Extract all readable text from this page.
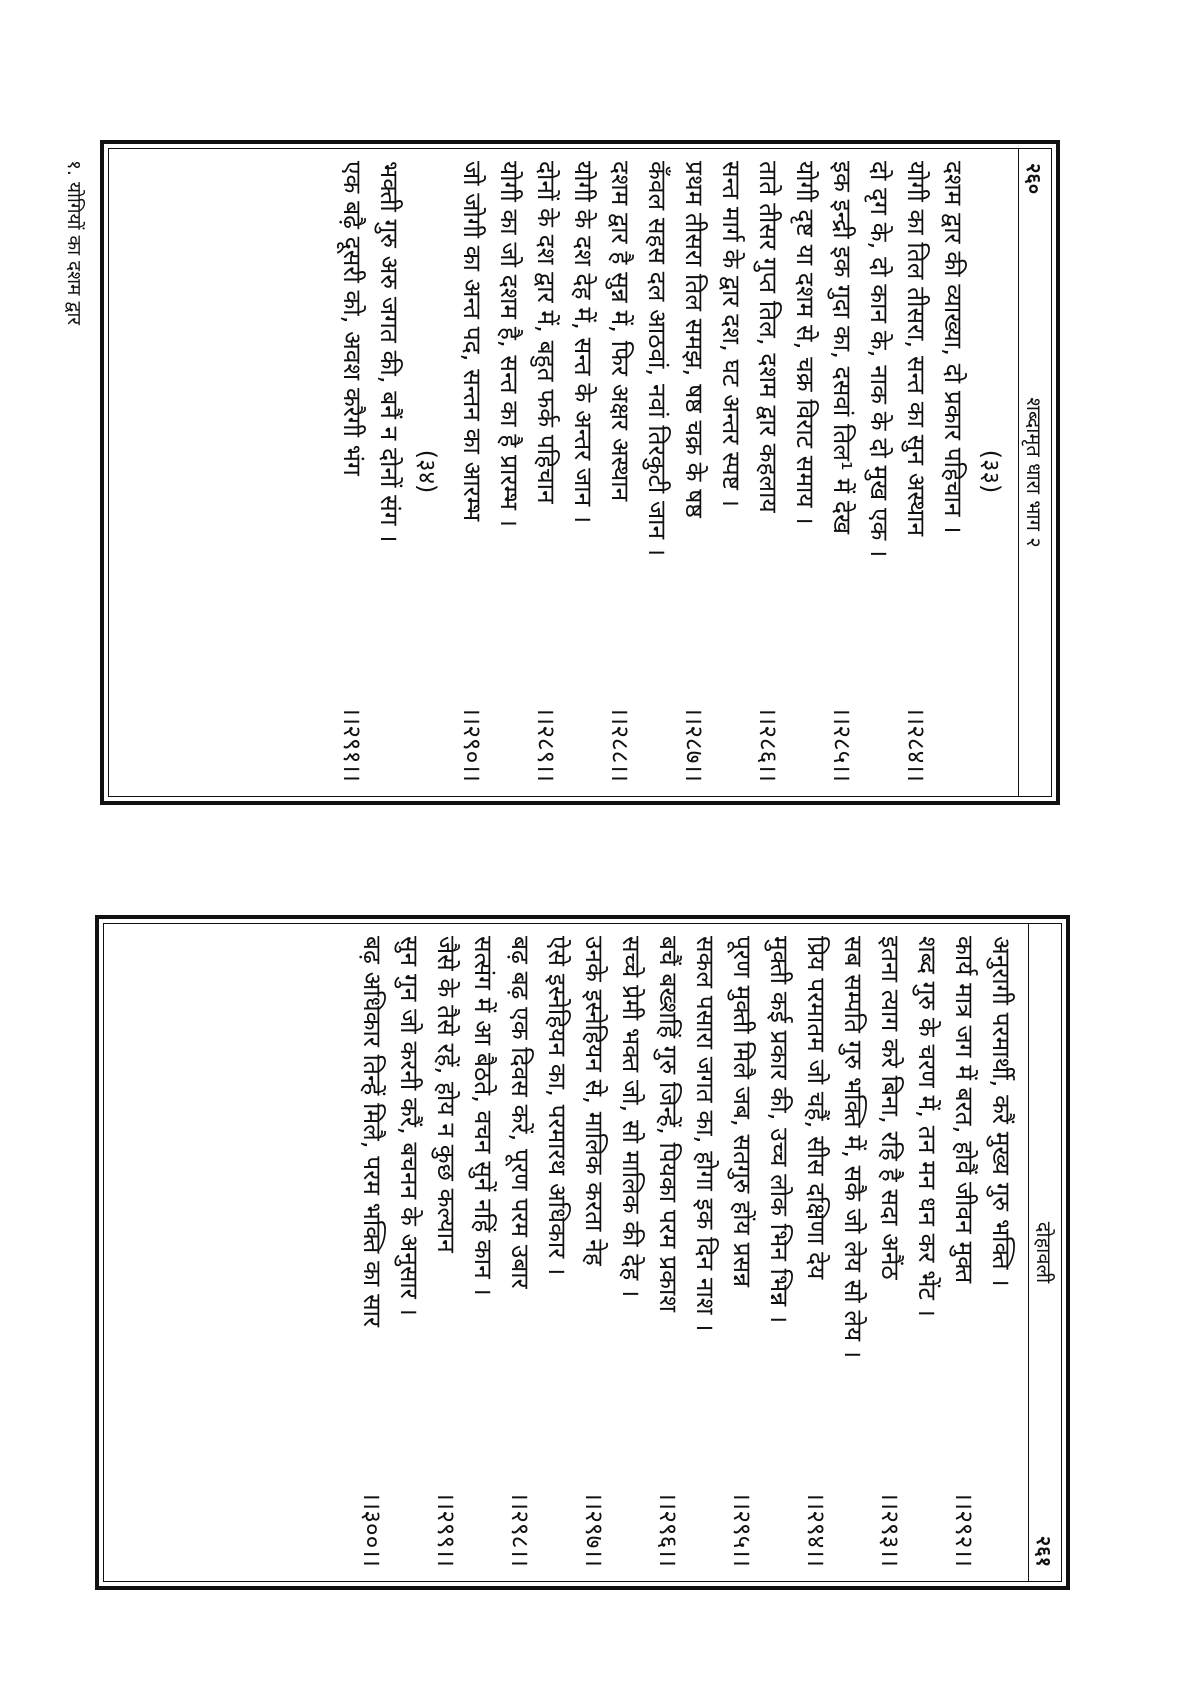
२६०
शब्दामृत धारा भाग २
(३३)
दशम द्वार की व्याख्या, दो प्रकार पहिचान ।
योगी का तिल तीसरा, सन्त का सुन अस्थान
।।२८४।।
दो दृग के, दो कान के, नाक के दो मुख एक ।
इक इन्द्री इक गुदा का, दसवां तिल¹ में देख
।।२८५।।
योगी दृष्ट या दशम से, चक्र विराट समाय ।
ताते तीसर गुप्त तिल, दशम द्वार कहलाय
।।२८६।।
सन्त मार्ग के द्वार दश, घट अन्तर स्पष्ट ।
प्रथम तीसरा तिल समझ, षष्ठ चक्र के षष्ठ
।।२८७।।
कँवल सहस दल आठवां, नवां तिरकुटी जान ।
दशम द्वार है सुन्न में, फिर अक्षर अस्थान
।।२८८।।
योगी के दश देह में, सन्त के अन्तर जान ।
दोनों के दश द्वार में, बहुत फर्क पहिचान
।।२८९।।
योगी का जो दशम है, सन्त का है प्रारम्भ ।
जो जोगी का अन्त पद, सन्तन का आरम्भ
।।२९०।।
(३४)
भक्ती गुरु अरु जगत की, बनैं न दोनों संग ।
एक बढ़ै दूसरी को, अवश करैगी भंग
।।२९१।।
१. योगियों का दशम द्वार
दोहावली
२६१
अनुरागी परमार्थी, करैं मुख्य गुरु भक्ति ।
कार्य मात्र जग में बरत, होवैं जीवन मुक्त
।।२९२।।
शब्द गुरु के चरण में, तन मन धन कर भेंट ।
इतना त्याग करे बिना, रहि है सदा अनैंठ
।।२९३।।
सब सम्पति गुरु भक्ति में, सकै जो लेय सो लेय ।
प्रिय परमातम जो चहैं, सीस दक्षिणा देय
।।२९४।।
मुक्ती कई प्रकार की, उच्च लोक भिन भिन्न ।
पूरण मुक्ती मिलै जब, सतगुरु होंय प्रसन्न
।।२९५।।
सकल पसारा जगत का, होगा इक दिन नाश ।
बचैं बख्शहिं गुरु जिन्हें, पियका परम प्रकाश
।।२९६।।
सच्चे प्रेमी भक्त जो, सो मालिक की देह ।
उनके इस्नेहियन से, मालिक करता नेह
।।२९७।।
ऐसे इस्नेहियन का, परमारथ अधिकार ।
बढ़ बढ़ एक दिवस करें, पूरण परम उबार
।।२९८।।
सत्संग में आ बैठते, वचन सुनें नहिं कान ।
जैसे के तैसे रहें, होय न कुछ कल्यान
।।२९९।।
सुन गुन जो करनी करैं, बचनन के अनुसार ।
बढ़ अधिकार तिन्हें मिलै, परम भक्ति का सार
।।३००।।
